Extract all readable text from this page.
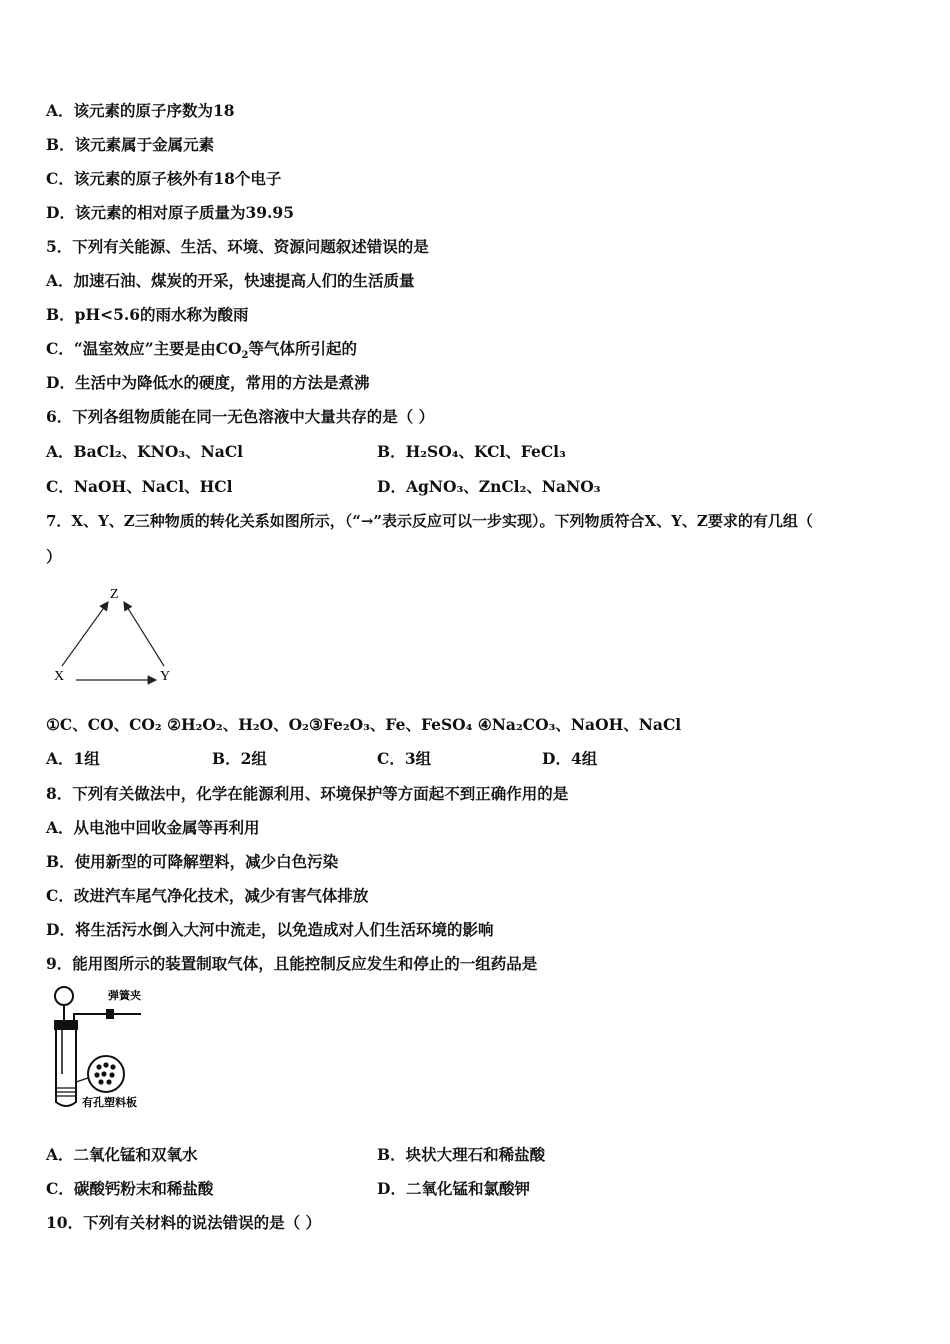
A．该元素的原子序数为18
B．该元素属于金属元素
C．该元素的原子核外有18个电子
D．该元素的相对原子质量为39.95
5．下列有关能源、生活、环境、资源问题叙述错误的是
A．加速石油、煤炭的开采，快速提高人们的生活质量
B．pH<5.6的雨水称为酸雨
C．“温室效应”主要是由$CO_2$等气体所引起的
D．生活中为降低水的硬度，常用的方法是煮沸
6．下列各组物质能在同一无色溶液中大量共存的是（ ）
A．BaCl₂、KNO₃、NaCl	B．H₂SO₄、KCl、FeCl₃
C．NaOH、NaCl、HCl	D．AgNO₃、ZnCl₂、NaNO₃
7．X、Y、Z三种物质的转化关系如图所示，（“→”表示反应可以一步实现）。下列物质符合X、Y、Z要求的有几组（
）
Z
X	Y
①C、CO、CO₂ ②H₂O₂、H₂O、O₂③Fe₂O₃、Fe、FeSO₄ ④Na₂CO₃、NaOH、NaCl
A．1组	B．2组	C．3组	D．4组
8．下列有关做法中，化学在能源利用、环境保护等方面起不到正确作用的是
A．从电池中回收金属等再利用
B．使用新型的可降解塑料，减少白色污染
C．改进汽车尾气净化技术，减少有害气体排放
D．将生活污水倒入大河中流走，以免造成对人们生活环境的影响
9．能用图所示的装置制取气体，且能控制反应发生和停止的一组药品是
弹簧夹
有孔塑料板
A．二氧化锰和双氧水	B．块状大理石和稀盐酸
C．碳酸钙粉末和稀盐酸	D．二氧化锰和氯酸钾
10．下列有关材料的说法错误的是（ ）
